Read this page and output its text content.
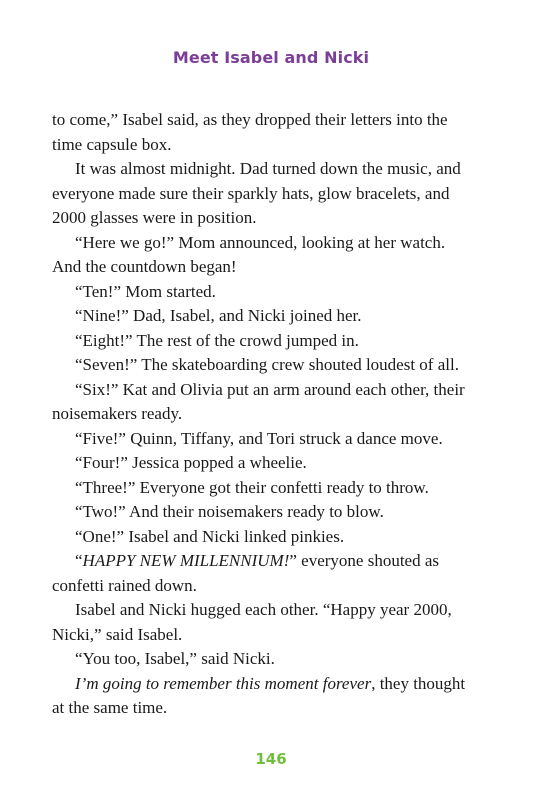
Meet Isabel and Nicki

to come,” Isabel said, as they dropped their letters into the time capsule box.

It was almost midnight. Dad turned down the music, and everyone made sure their sparkly hats, glow bracelets, and 2000 glasses were in position.

“Here we go!” Mom announced, looking at her watch. And the countdown began!

“Ten!” Mom started.

“Nine!” Dad, Isabel, and Nicki joined her.

“Eight!” The rest of the crowd jumped in.

“Seven!” The skateboarding crew shouted loudest of all.

“Six!” Kat and Olivia put an arm around each other, their noisemakers ready.

“Five!” Quinn, Tiffany, and Tori struck a dance move.

“Four!” Jessica popped a wheelie.

“Three!” Everyone got their confetti ready to throw.

“Two!” And their noisemakers ready to blow.

“One!” Isabel and Nicki linked pinkies.

“HAPPY NEW MILLENNIUM!” everyone shouted as confetti rained down.

Isabel and Nicki hugged each other. “Happy year 2000, Nicki,” said Isabel.

“You too, Isabel,” said Nicki.

I’m going to remember this moment forever, they thought at the same time.

146
